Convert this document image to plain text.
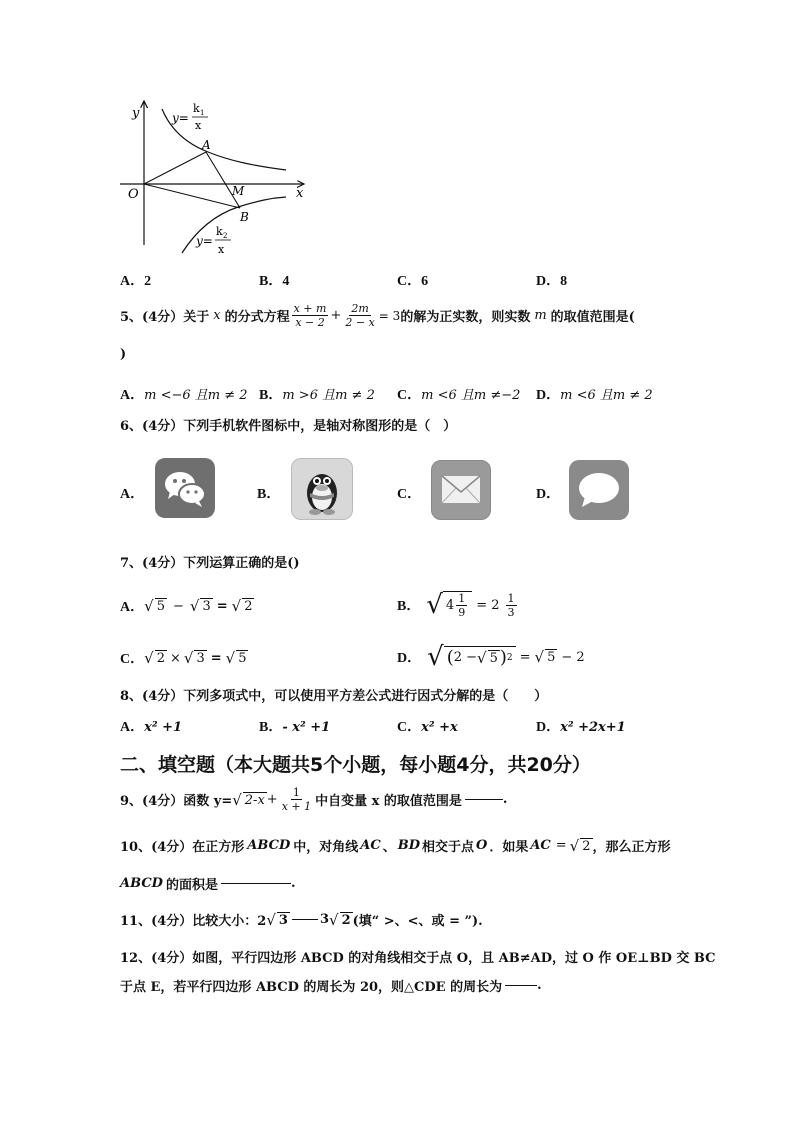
y
x
O
A
B
M
y=
k 1
x
y=
k 2
x
A．2	B．4	C．6	D．8
5、(4分）关于 x 的分式方程 $\frac{x + m}{x - 2} + \frac{2m}{2 - x} = 3$ 的解为正实数，则实数 m 的取值范围是(
)
A．m <−6 且m ≠ 2 B．m >6 且m ≠ 2 C．m <6 且m ≠−2 D．m <6 且m ≠ 2
6、(4分）下列手机软件图标中，是轴对称图形的是（　）
A．	B．	C．	D．
7、(4分）下列运算正确的是()
A． √ 5 − √ 3 = √ 2	B． √ $4 \frac{1}{9} = 2 \frac{1}{3}$
C． √ 2 × √ 3 = √ 5	D． √ ( 2 − √ 5 ) 2 = √ 5 − 2
8、(4分）下列多项式中，可以使用平方差公式进行因式分解的是（　　）
A．x² +1	B．- x² +1	C．x² +x	D．x² +2x+1
二、填空题（本大题共5个小题，每小题4分，共20分）
9、(4分）函数 y= √ $2-x + \frac{1}{x + 1}$ 中自变量 x 的取值范围是	.
10、(4分）在正方形 ABCD 中，对角线 AC 、 BD 相交于点 O ．如果 AC = √ 2 ，那么正方形
ABCD 的面积是	.
11、(4分）比较大小：2 √ 3 3 √ 2 (填“ >、<、或 = ”).
12、(4分）如图，平行四边形 ABCD 的对角线相交于点 O，且 AB≠AD，过 O 作 OE⊥BD 交 BC
于点 E，若平行四边形 ABCD 的周长为 20，则△CDE 的周长为	.
